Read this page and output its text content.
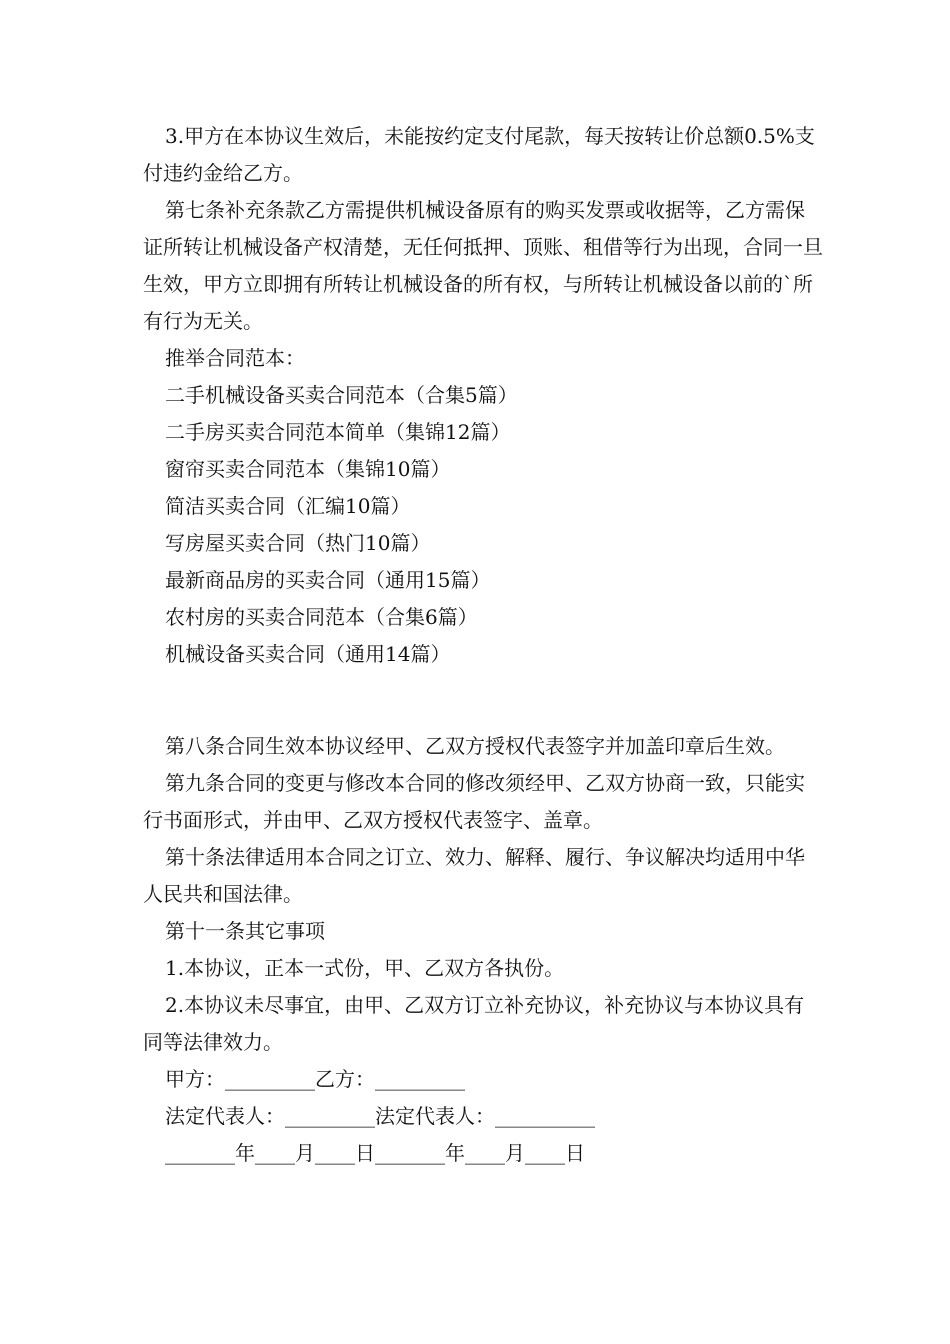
3.甲方在本协议生效后，未能按约定支付尾款，每天按转让价总额0.5%支付违约金给乙方。

第七条补充条款乙方需提供机械设备原有的购买发票或收据等，乙方需保证所转让机械设备产权清楚，无任何抵押、顶账、租借等行为出现，合同一旦生效，甲方立即拥有所转让机械设备的所有权，与所转让机械设备以前的`所有行为无关。

推举合同范本：

二手机械设备买卖合同范本（合集5篇）

二手房买卖合同范本简单（集锦12篇）

窗帘买卖合同范本（集锦10篇）

简洁买卖合同（汇编10篇）

写房屋买卖合同（热门10篇）

最新商品房的买卖合同（通用15篇）

农村房的买卖合同范本（合集6篇）

机械设备买卖合同（通用14篇）

第八条合同生效本协议经甲、乙双方授权代表签字并加盖印章后生效。

第九条合同的变更与修改本合同的修改须经甲、乙双方协商一致，只能实行书面形式，并由甲、乙双方授权代表签字、盖章。

第十条法律适用本合同之订立、效力、解释、履行、争议解决均适用中华人民共和国法律。

第十一条其它事项

1.本协议，正本一式份，甲、乙双方各执份。

2.本协议未尽事宜，由甲、乙双方订立补充协议，补充协议与本协议具有同等法律效力。

甲方：_________乙方：_________

法定代表人：_________法定代表人：__________

_______年____月____日_______年____月____日
